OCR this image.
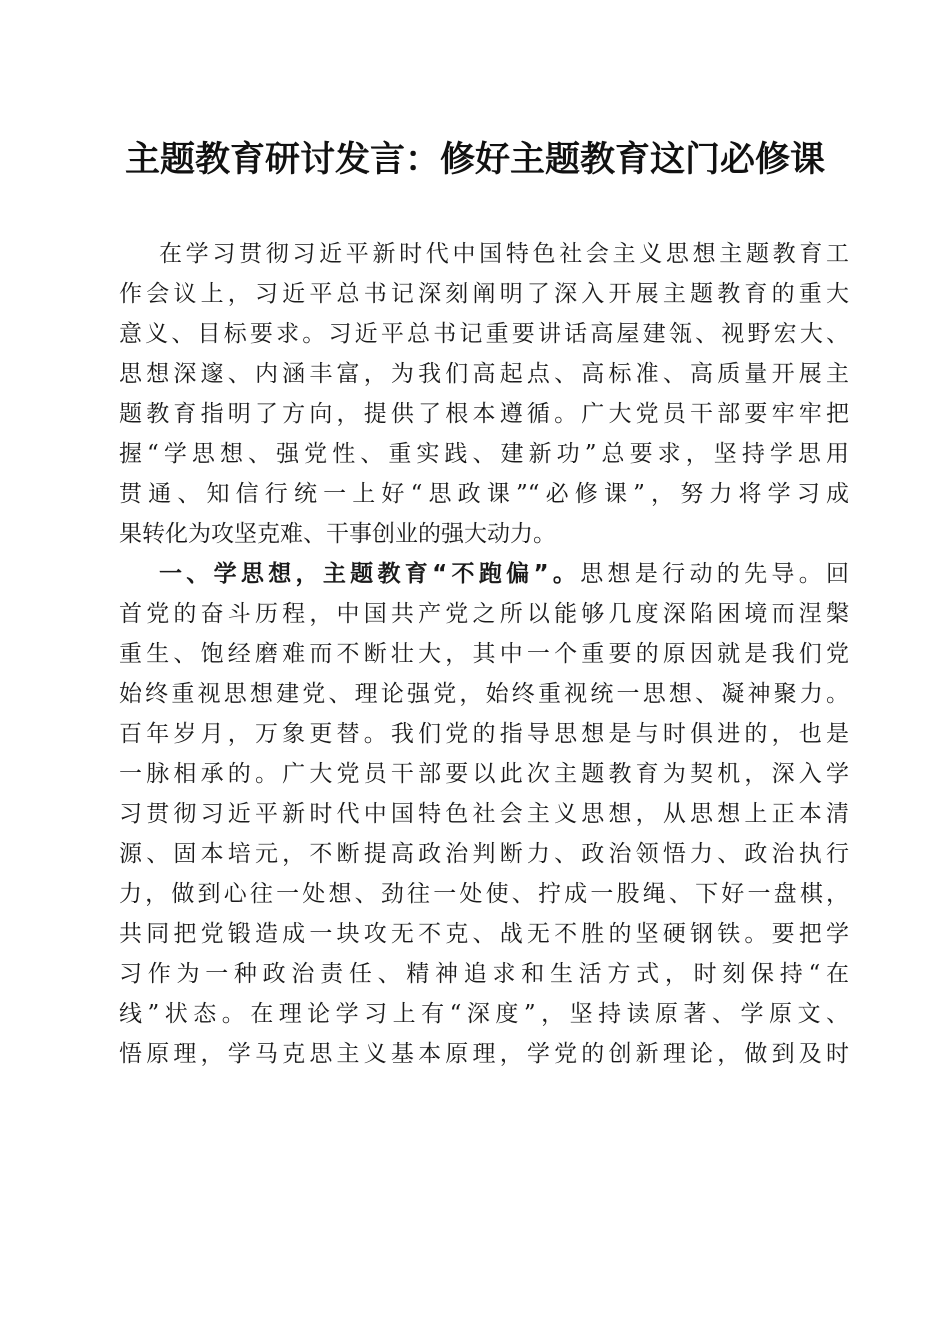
主题教育研讨发言：修好主题教育这门必修课
在学习贯彻习近平新时代中国特色社会主义思想主题教育工
作会议上，习近平总书记深刻阐明了深入开展主题教育的重大
意义、目标要求。习近平总书记重要讲话高屋建瓴、视野宏大、
思想深邃、内涵丰富，为我们高起点、高标准、高质量开展主
题教育指明了方向，提供了根本遵循。广大党员干部要牢牢把
握“学思想、强党性、重实践、建新功”总要求，坚持学思用
贯通、知信行统一上好“思政课”“必修课”，努力将学习成
果转化为攻坚克难、干事创业的强大动力。
一、学思想，主题教育“不跑偏”。思想是行动的先导。回
首党的奋斗历程，中国共产党之所以能够几度深陷困境而涅槃
重生、饱经磨难而不断壮大，其中一个重要的原因就是我们党
始终重视思想建党、理论强党，始终重视统一思想、凝神聚力。
百年岁月，万象更替。我们党的指导思想是与时俱进的，也是
一脉相承的。广大党员干部要以此次主题教育为契机，深入学
习贯彻习近平新时代中国特色社会主义思想，从思想上正本清
源、固本培元，不断提高政治判断力、政治领悟力、政治执行
力，做到心往一处想、劲往一处使、拧成一股绳、下好一盘棋，
共同把党锻造成一块攻无不克、战无不胜的坚硬钢铁。要把学
习作为一种政治责任、精神追求和生活方式，时刻保持“在
线”状态。在理论学习上有“深度”，坚持读原著、学原文、
悟原理，学马克思主义基本原理，学党的创新理论，做到及时
